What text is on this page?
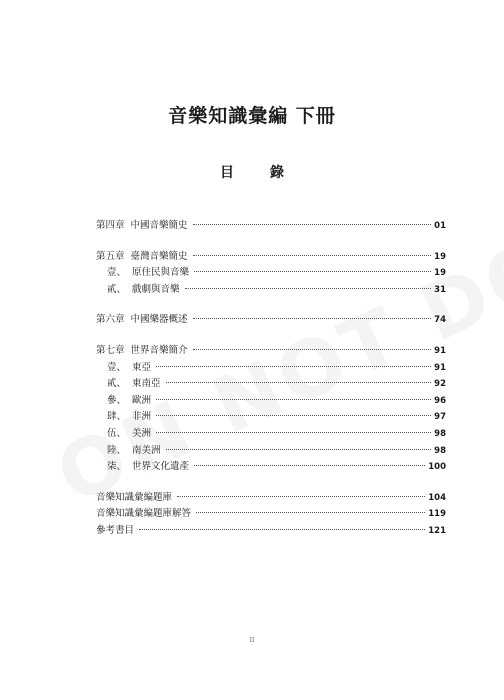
音樂知識彙編 下冊
目錄
第四章  中國音樂簡史	01
第五章  臺灣音樂簡史	19
壹、  原住民與音樂	19
貳、  戲劇與音樂	31
第六章  中國樂器概述	74
第七章  世界音樂簡介	91
壹、  東亞	91
貳、  東南亞	92
參、  歐洲	96
肆、  非洲	97
伍、  美洲	98
陸、  南美洲	98
柒、  世界文化遺產	100
音樂知識彙編題庫	104
音樂知識彙編題庫解答	119
參考書目	121
II
